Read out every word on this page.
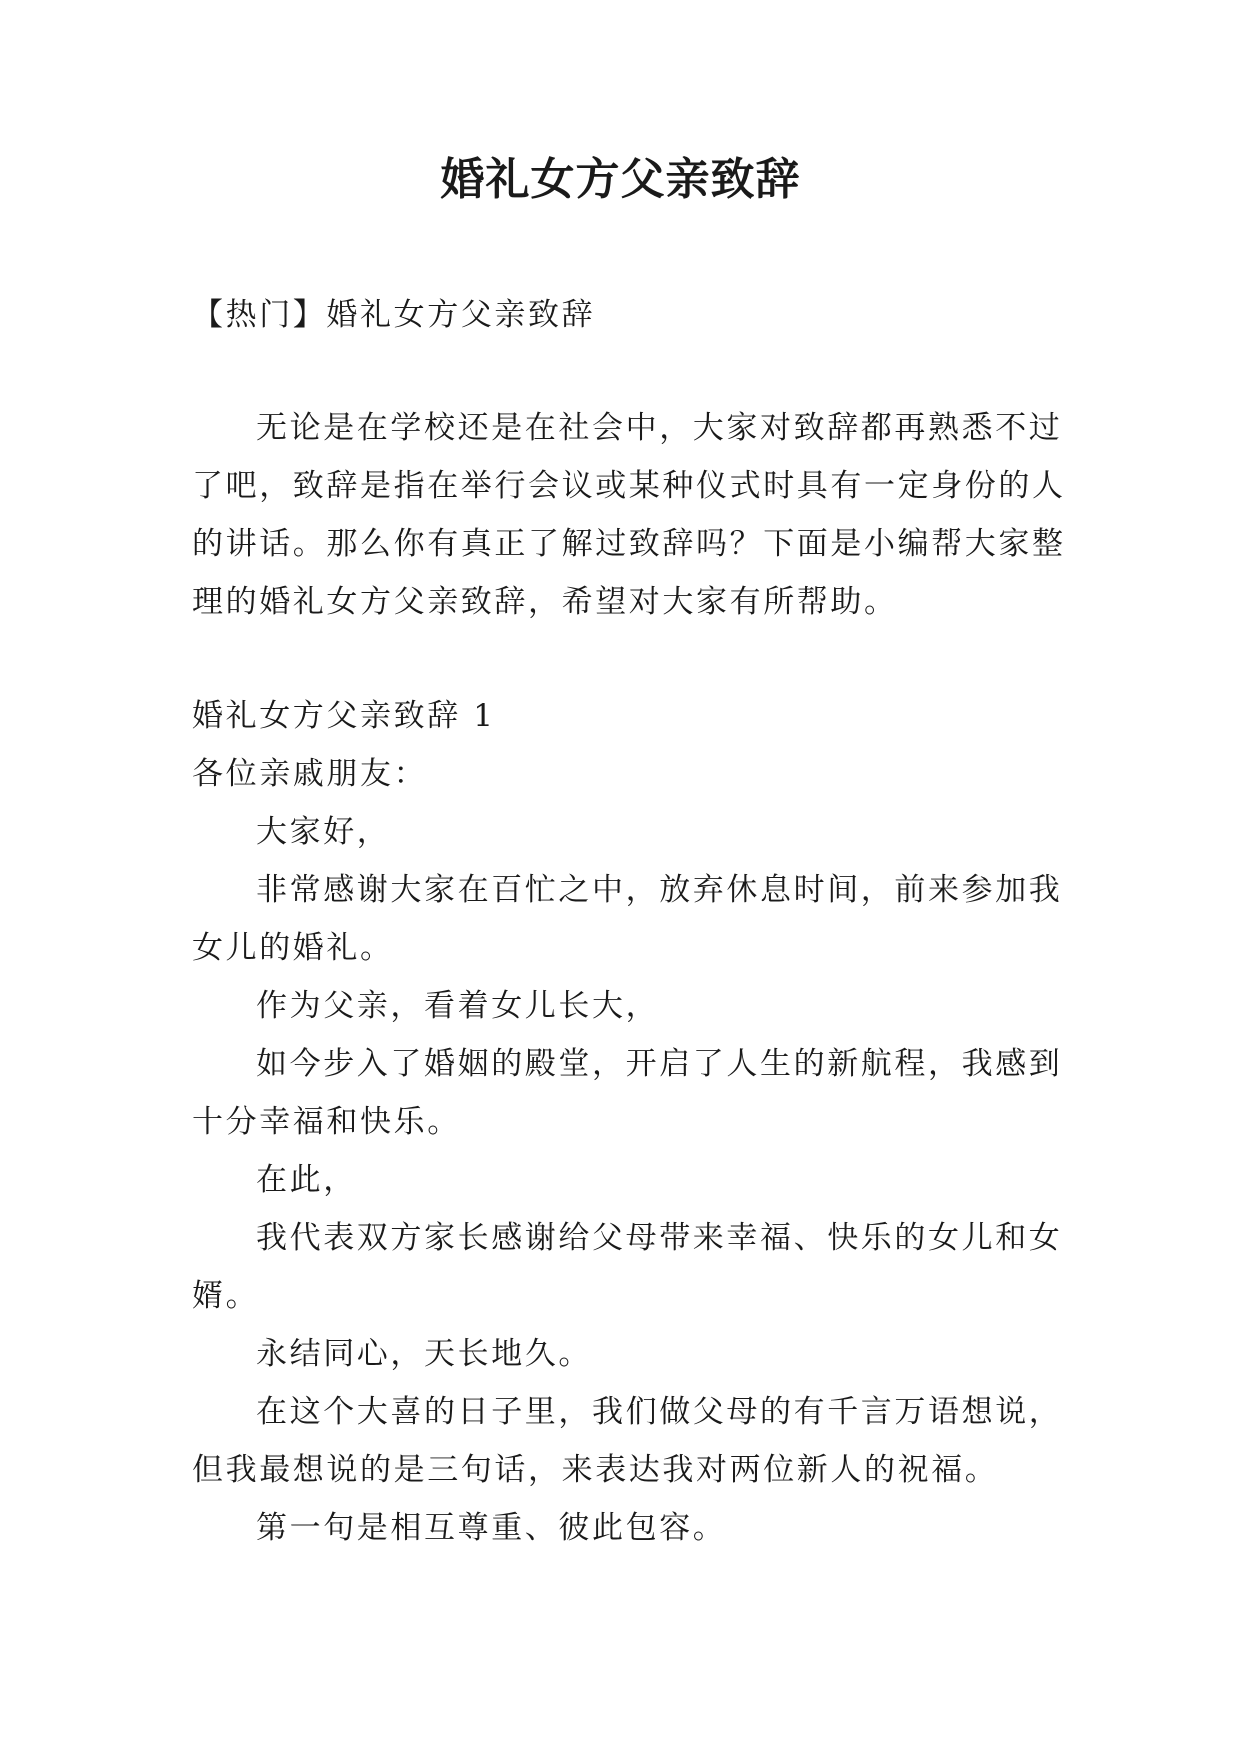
婚礼女方父亲致辞
【热门】婚礼女方父亲致辞
无论是在学校还是在社会中，大家对致辞都再熟悉不过
了吧，致辞是指在举行会议或某种仪式时具有一定身份的人
的讲话。那么你有真正了解过致辞吗？下面是小编帮大家整
理的婚礼女方父亲致辞，希望对大家有所帮助。
婚礼女方父亲致辞 1
各位亲戚朋友：
大家好，
非常感谢大家在百忙之中，放弃休息时间，前来参加我
女儿的婚礼。
作为父亲，看着女儿长大，
如今步入了婚姻的殿堂，开启了人生的新航程，我感到
十分幸福和快乐。
在此，
我代表双方家长感谢给父母带来幸福、快乐的女儿和女
婿。
永结同心，天长地久。
在这个大喜的日子里，我们做父母的有千言万语想说，
但我最想说的是三句话，来表达我对两位新人的祝福。
第一句是相互尊重、彼此包容。
